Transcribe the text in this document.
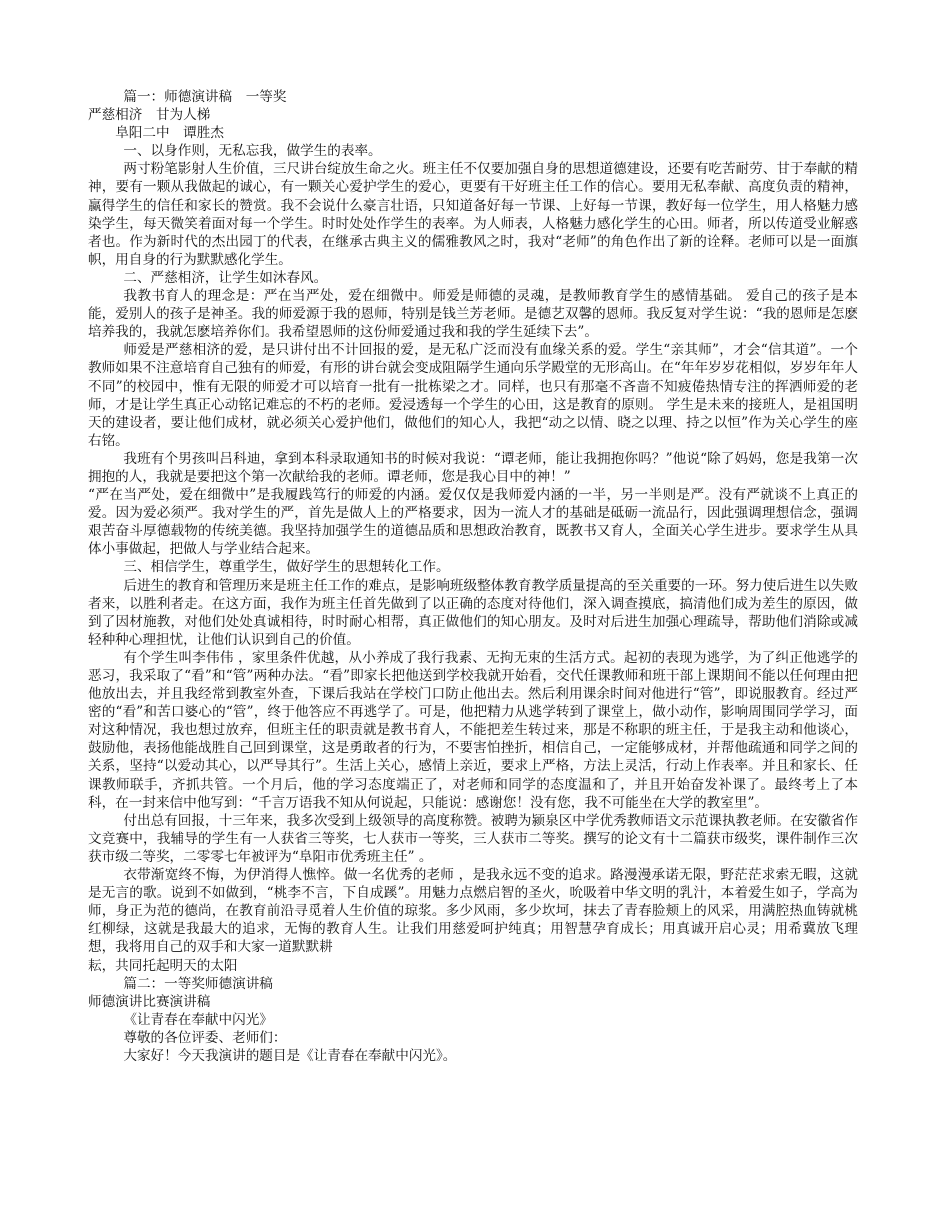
篇一：师德演讲稿　一等奖

严慈相济　甘为人梯

阜阳二中　谭胜杰

一、以身作则，无私忘我，做学生的表率。

两寸粉笔影射人生价值，三尺讲台绽放生命之火。班主任不仅要加强自身的思想道德建设，还要有吃苦耐劳、甘于奉献的精神，要有一颗从我做起的诚心，有一颗关心爱护学生的爱心，更要有干好班主任工作的信心。要用无私奉献、高度负责的精神，赢得学生的信任和家长的赞赏。我不会说什么豪言壮语，只知道备好每一节课、上好每一节课，教好每一位学生，用人格魅力感染学生，每天微笑着面对每一个学生。时时处处作学生的表率。为人师表，人格魅力感化学生的心田。师者，所以传道受业解惑者也。作为新时代的杰出园丁的代表，在继承古典主义的儒雅教风之时，我对“老师”的角色作出了新的诠释。老师可以是一面旗帜，用自身的行为默默感化学生。

二、严慈相济，让学生如沐春风。

我教书育人的理念是：严在当严处，爱在细微中。师爱是师德的灵魂，是教师教育学生的感情基础。 爱自己的孩子是本能，爱别人的孩子是神圣。我的师爱源于我的恩师，特别是钱兰芳老师。是德艺双馨的恩师。我反复对学生说：“我的恩师是怎麽培养我的，我就怎麽培养你们。我希望恩师的这份师爱通过我和我的学生延续下去”。

师爱是严慈相济的爱，是只讲付出不计回报的爱，是无私广泛而没有血缘关系的爱。学生“亲其师”，才会“信其道”。一个教师如果不注意培育自己独有的师爱，有形的讲台就会变成阻隔学生通向乐学殿堂的无形高山。在“年年岁岁花相似，岁岁年年人不同”的校园中，惟有无限的师爱才可以培育一批有一批栋梁之才。同样，也只有那毫不吝啬不知疲倦热情专注的挥洒师爱的老师，才是让学生真正心动铭记难忘的不朽的老师。爱浸透每一个学生的心田，这是教育的原则。 学生是未来的接班人，是祖国明天的建设者，要让他们成材，就必须关心爱护他们，做他们的知心人，我把“动之以情、晓之以理、持之以恒”作为关心学生的座右铭。

我班有个男孩叫吕科迪，拿到本科录取通知书的时候对我说：“谭老师，能让我拥抱你吗？”他说“除了妈妈，您是我第一次拥抱的人，我就是要把这个第一次献给我的老师。谭老师，您是我心目中的神！”

“严在当严处，爱在细微中”是我履践笃行的师爱的内涵。爱仅仅是我师爱内涵的一半，另一半则是严。没有严就谈不上真正的爱。因为爱必须严。我对学生的严，首先是做人上的严格要求，因为一流人才的基础是砥砺一流品行，因此强调理想信念，强调艰苦奋斗厚德载物的传统美德。我坚持加强学生的道德品质和思想政治教育，既教书又育人，全面关心学生进步。要求学生从具体小事做起，把做人与学业结合起来。

三、相信学生，尊重学生，做好学生的思想转化工作。

后进生的教育和管理历来是班主任工作的难点，是影响班级整体教育教学质量提高的至关重要的一环。努力使后进生以失败者来，以胜利者走。在这方面，我作为班主任首先做到了以正确的态度对待他们，深入调查摸底，搞清他们成为差生的原因，做到了因材施教，对他们处处真诚相待，时时耐心相帮，真正做他们的知心朋友。及时对后进生加强心理疏导，帮助他们消除或减轻种种心理担忧，让他们认识到自己的价值。

有个学生叫李伟伟 ，家里条件优越，从小养成了我行我素、无拘无束的生活方式。起初的表现为逃学，为了纠正他逃学的恶习，我采取了“看”和“管”两种办法。“看”即家长把他送到学校我就开始看，交代任课教师和班干部上课期间不能以任何理由把他放出去，并且我经常到教室外查，下课后我站在学校门口防止他出去。然后利用课余时间对他进行“管”，即说服教育。经过严密的“看”和苦口婆心的“管”，终于他答应不再逃学了。可是，他把精力从逃学转到了课堂上，做小动作，影响周围同学学习，面对这种情况，我也想过放弃，但班主任的职责就是教书育人，不能把差生转过来，那是不称职的班主任，于是我主动和他谈心，鼓励他，表扬他能战胜自己回到课堂，这是勇敢者的行为，不要害怕挫折，相信自己，一定能够成材，并帮他疏通和同学之间的关系，坚持“以爱动其心，以严导其行”。生活上关心，感情上亲近，要求上严格，方法上灵活，行动上作表率。并且和家长、任课教师联手，齐抓共管。一个月后，他的学习态度端正了，对老师和同学的态度温和了，并且开始奋发补课了。最终考上了本科，在一封来信中他写到：“千言万语我不知从何说起，只能说：感谢您！没有您，我不可能坐在大学的教室里”。

付出总有回报，十三年来，我多次受到上级领导的高度称赞。被聘为颍泉区中学优秀教师语文示范课执教老师。在安徽省作文竞赛中，我辅导的学生有一人获省三等奖，七人获市一等奖，三人获市二等奖。撰写的论文有十二篇获市级奖，课件制作三次获市级二等奖，二零零七年被评为“阜阳市优秀班主任” 。

衣带渐宽终不悔，为伊消得人憔悴。做一名优秀的老师 ，是我永远不变的追求。路漫漫承诺无限，野茫茫求索无暇，这就是无言的歌。说到不如做到，“桃李不言，下自成蹊”。用魅力点燃启智的圣火，吮吸着中华文明的乳汁，本着爱生如子，学高为师，身正为范的德尚，在教育前沿寻觅着人生价值的琼浆。多少风雨，多少坎坷，抹去了青春脸颊上的风采，用满腔热血铸就桃红柳绿，这就是我最大的追求，无悔的教育人生。让我们用慈爱呵护纯真；用智慧孕育成长；用真诚开启心灵；用希冀放飞理想，我将用自己的双手和大家一道默默耕

耘，共同托起明天的太阳

篇二：一等奖师德演讲稿

师德演讲比赛演讲稿

《让青春在奉献中闪光》

尊敬的各位评委、老师们：

大家好！今天我演讲的题目是《让青春在奉献中闪光》。
